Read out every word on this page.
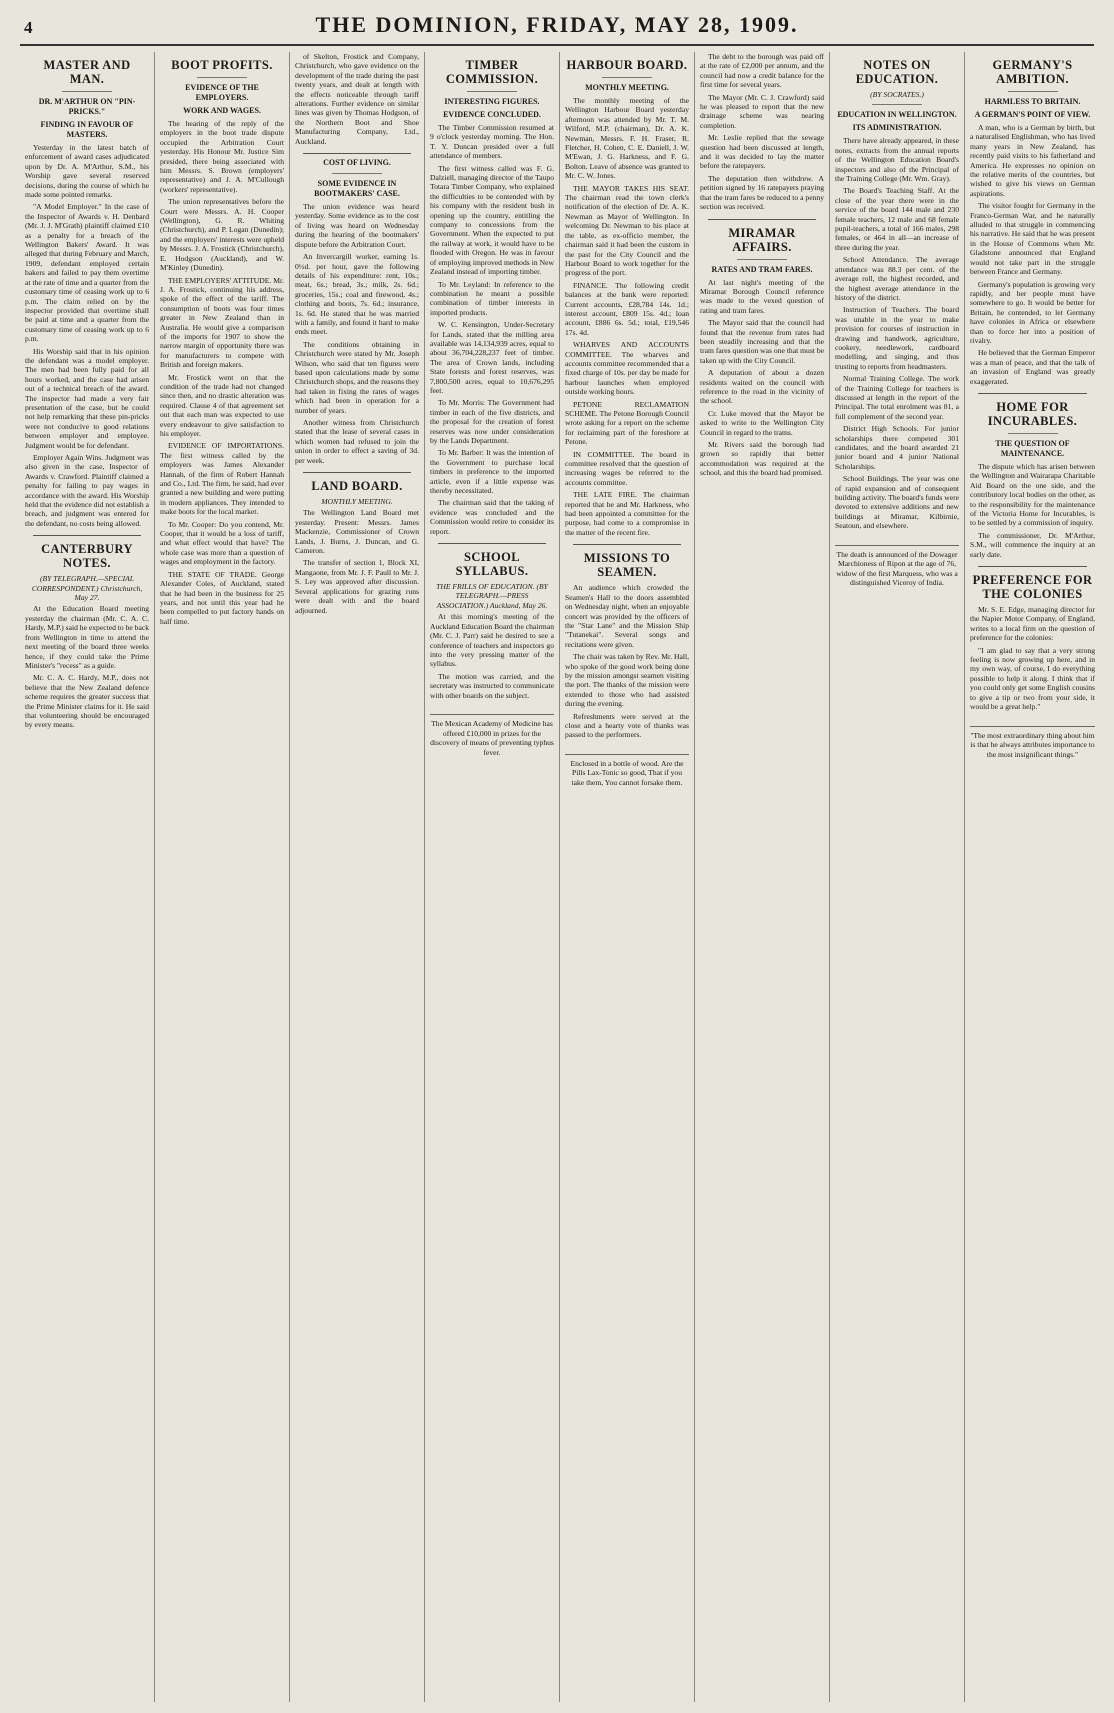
4	THE DOMINION, FRIDAY, MAY 28, 1909.
MASTER AND MAN.
DR. M'ARTHUR ON "PIN-PRICKS."
FINDING IN FAVOUR OF MASTERS.

Yesterday in the latest batch of enforcement of award cases adjudicated upon by Dr. A. M'Arthur, S.M., his Worship gave several reserved decisions, during the course of which he made some pointed remarks.

"A Model Employer." In the case of the Inspector of Awards v. H. Denbard (Mr. J. J. M'Grath) plaintiff claimed £10 as a penalty for a breach of the Wellington Bakers' Award. It was alleged that during February and March, 1909, defendant employed certain bakers and failed to pay them overtime at the rate of time and a quarter from the customary time of ceasing work up to 6 p.m. The claim relied on by the inspector provided that overtime shall be paid at time and a quarter from the customary time of ceasing work up to 6 p.m.

His Worship said that in his opinion the defendant was a model employer. The men had been fully paid for all hours worked, and the case had arisen out of a technical breach of the award. The inspector had made a very fair presentation of the case, but he could not help remarking that these pin-pricks were not conducive to good relations between employer and employee. Judgment would be for defendant.

Employer Again Wins. Judgment was also given in the case, Inspector of Awards v. Crawford. Plaintiff claimed a penalty for failing to pay wages in accordance with the award. His Worship held that the evidence did not establish a breach, and judgment was entered for the defendant, no costs being allowed.

CANTERBURY NOTES.
(BY TELEGRAPH.—SPECIAL CORRESPONDENT.) Christchurch, May 27.

At the Education Board meeting yesterday the chairman (Mr. C. A. C. Hardy, M.P.) said he expected to be back from Wellington in time to attend the next meeting of the board three weeks hence, if they could take the Prime Minister's "recess" as a guide.

Mr. C. A. C. Hardy, M.P., does not believe that the New Zealand defence scheme requires the greater success that the Prime Minister claims for it. He said that volunteering should be encouraged by every means.

BOOT PROFITS.
EVIDENCE OF THE EMPLOYERS.
WORK AND WAGES.

The hearing of the reply of the employers in the boot trade dispute occupied the Arbitration Court yesterday. His Honour Mr. Justice Sim presided, there being associated with him Messrs. S. Brown (employers' representative) and J. A. M'Cullough (workers' representative).

The union representatives before the Court were Messrs. A. H. Cooper (Wellington), G. R. Whiting (Christchurch), and P. Logan (Dunedin); and the employers' interests were upheld by Messrs. J. A. Frostick (Christchurch), E. Hodgson (Auckland), and W. M'Kinley (Dunedin).

THE EMPLOYERS' ATTITUDE. Mr. J. A. Frostick, continuing his address, spoke of the effect of the tariff. The consumption of boots was four times greater in New Zealand than in Australia. He would give a comparison of the imports for 1907 to show the narrow margin of opportunity there was for manufacturers to compete with British and foreign makers.

Mr. Frostick went on that the condition of the trade had not changed since then, and no drastic alteration was required. Clause 4 of that agreement set out that each man was expected to use every endeavour to give satisfaction to his employer.

EVIDENCE OF IMPORTATIONS. The first witness called by the employers was James Alexander Hannah, of the firm of Robert Hannah and Co., Ltd. The firm, he said, had ever granted a new building and were putting in modern appliances. They intended to make boots for the local market.

To Mr. Cooper: Do you contend, Mr. Cooper, that it would be a loss of tariff, and what effect would that have? The whole case was more than a question of wages and employment in the factory.

THE STATE OF TRADE. George Alexander Coles, of Auckland, stated that he had been in the business for 25 years, and not until this year had he been compelled to put factory hands on half time.

of Skelton, Frostick and Company, Christchurch, who gave evidence on the development of the trade during the past twenty years, and dealt at length with the effects noticeable through tariff alterations. Further evidence on similar lines was given by Thomas Hodgson, of the Northern Boot and Shoe Manufacturing Company, Ltd., Auckland.

COST OF LIVING.
SOME EVIDENCE IN BOOTMAKERS' CASE.

The union evidence was heard yesterday. Some evidence as to the cost of living was heard on Wednesday during the hearing of the bootmakers' dispute before the Arbitration Court.

An Invercargill worker, earning 1s. 0½d. per hour, gave the following details of his expenditure: rent, 10s.; meat, 6s.; bread, 3s.; milk, 2s. 6d.; groceries, 15s.; coal and firewood, 4s.; clothing and boots, 7s. 6d.; insurance, 1s. 6d. He stated that he was married with a family, and found it hard to make ends meet.

The conditions obtaining in Christchurch were stated by Mr. Joseph Wilson, who said that ten figures were based upon calculations made by some Christchurch shops, and the reasons they had taken in fixing the rates of wages which had been in operation for a number of years.

Another witness from Christchurch stated that the lease of several cases in which women had refused to join the union in order to effect a saving of 3d. per week.

LAND BOARD.
MONTHLY MEETING.

The Wellington Land Board met yesterday. Present: Messrs. James Mackenzie, Commissioner of Crown Lands, J. Burns, J. Duncan, and G. Cameron.

The transfer of section 1, Block XI, Mangaone, from Mr. J. F. Paull to Mr. J. S. Ley was approved after discussion. Several applications for grazing runs were dealt with and the board adjourned.

TIMBER COMMISSION.
INTERESTING FIGURES.
EVIDENCE CONCLUDED.

The Timber Commission resumed at 9 o'clock yesterday morning. The Hon. T. Y. Duncan presided over a full attendance of members.

The first witness called was F. G. Dalziell, managing director of the Taupo Totara Timber Company, who explained the difficulties to be contended with by his company with the resident bush in opening up the country, entitling the company to concessions from the Government. When the expected to put the railway at work, it would have to be flooded with Oregon. He was in favour of employing improved methods in New Zealand instead of importing timber.

To Mr. Leyland: In reference to the combination he meant a possible combination of timber interests in imported products.

W. C. Kensington, Under-Secretary for Lands, stated that the milling area available was 14,134,939 acres, equal to about 36,704,228,237 feet of timber. The area of Crown lands, including State forests and forest reserves, was 7,800,500 acres, equal to 10,676,295 feet.

To Mr. Morris: The Government had timber in each of the five districts, and the proposal for the creation of forest reserves was now under consideration by the Lands Department.

To Mr. Barber: It was the intention of the Government to purchase local timbers in preference to the imported article, even if a little expense was thereby necessitated.

The chairman said that the taking of evidence was concluded and the Commission would retire to consider its report.

SCHOOL SYLLABUS.
THE FRILLS OF EDUCATION. (BY TELEGRAPH.—PRESS ASSOCIATION.) Auckland, May 26.

At this morning's meeting of the Auckland Education Board the chairman (Mr. C. J. Parr) said he desired to see a conference of teachers and inspectors go into the very pressing matter of the syllabus.

The motion was carried, and the secretary was instructed to communicate with other boards on the subject.

The Mexican Academy of Medicine has offered £10,000 in prizes for the discovery of means of preventing typhus fever.
HARBOUR BOARD.
MONTHLY MEETING.

The monthly meeting of the Wellington Harbour Board yesterday afternoon was attended by Mr. T. M. Wilford, M.P. (chairman), Dr. A. K. Newman, Messrs. F. H. Fraser, R. Fletcher, H. Cohen, C. E. Daniell, J. W. M'Ewan, J. G. Harkness, and F. G. Bolton. Leave of absence was granted to Mr. C. W. Jones.

THE MAYOR TAKES HIS SEAT. The chairman read the town clerk's notification of the election of Dr. A. K. Newman as Mayor of Wellington. In welcoming Dr. Newman to his place at the table, as ex-officio member, the chairman said it had been the custom in the past for the City Council and the Harbour Board to work together for the progress of the port.

FINANCE. The following credit balances at the bank were reported: Current accounts, £28,784 14s. 1d.; interest account, £809 15s. 4d.; loan account, £886 6s. 5d.; total, £19,546 17s. 4d.

WHARVES AND ACCOUNTS COMMITTEE. The wharves and accounts committee recommended that a fixed charge of 10s. per day be made for harbour launches when employed outside working hours.

PETONE RECLAMATION SCHEME. The Petone Borough Council wrote asking for a report on the scheme for reclaiming part of the foreshore at Petone.

IN COMMITTEE. The board in committee resolved that the question of increasing wages be referred to the accounts committee.

THE LATE FIRE. The chairman reported that he and Mr. Harkness, who had been appointed a committee for the purpose, had come to a compromise in the matter of the recent fire.

MISSIONS TO SEAMEN.

An audience which crowded the Seamen's Hall to the doors assembled on Wednesday night, when an enjoyable concert was provided by the officers of the "Star Lane" and the Mission Ship "Tutanekai". Several songs and recitations were given.

The chair was taken by Rev. Mr. Hall, who spoke of the good work being done by the mission amongst seamen visiting the port. The thanks of the mission were extended to those who had assisted during the evening.

Refreshments were served at the close and a hearty vote of thanks was passed to the performers.

Enclosed in a bottle of wood. Are the Pills Lax-Tonic so good, That if you take them, You cannot forsake them.

The debt to the borough was paid off at the rate of £2,000 per annum, and the council had now a credit balance for the first time for several years.

The Mayor (Mr. C. J. Crawford) said he was pleased to report that the new drainage scheme was nearing completion.

Mr. Leslie replied that the sewage question had been discussed at length, and it was decided to lay the matter before the ratepayers.

The deputation then withdrew. A petition signed by 16 ratepayers praying that the tram fares be reduced to a penny section was received.

MIRAMAR AFFAIRS.
RATES AND TRAM FARES.

At last night's meeting of the Miramar Borough Council reference was made to the vexed question of rating and tram fares.

The Mayor said that the council had found that the revenue from rates had been steadily increasing and that the tram fares question was one that must be taken up with the City Council.

A deputation of about a dozen residents waited on the council with reference to the road in the vicinity of the school.

Cr. Luke moved that the Mayor be asked to write to the Wellington City Council in regard to the trams.

Mr. Rivers said the borough had grown so rapidly that better accommodation was required at the school, and this the board had promised.

NOTES ON EDUCATION.
(BY SOCRATES.)
EDUCATION IN WELLINGTON.
ITS ADMINISTRATION.

There have already appeared, in these notes, extracts from the annual reports of the Wellington Education Board's inspectors and also of the Principal of the Training College (Mr. Wm. Gray).

The Board's Teaching Staff. At the close of the year there were in the service of the board 144 male and 230 female teachers, 12 male and 68 female pupil-teachers, a total of 166 males, 298 females, or 464 in all—an increase of three during the year.

School Attendance. The average attendance was 88.3 per cent. of the average roll, the highest recorded, and the highest average attendance in the history of the district.

Instruction of Teachers. The board was unable in the year to make provision for courses of instruction in drawing and handwork, agriculture, cookery, needlework, cardboard modelling, and singing, and thus trusting to reports from headmasters.

Normal Training College. The work of the Training College for teachers is discussed at length in the report of the Principal. The total enrolment was 81, a full complement of the second year.

District High Schools. For junior scholarships there competed 301 candidates, and the board awarded 21 junior board and 4 junior National Scholarships.

School Buildings. The year was one of rapid expansion and of consequent building activity. The board's funds were devoted to extensive additions and new buildings at Miramar, Kilbirnie, Seatoun, and elsewhere.

The death is announced of the Dowager Marchioness of Ripon at the age of 76, widow of the first Marquess, who was a distinguished Viceroy of India.
GERMANY'S AMBITION.
HARMLESS TO BRITAIN.
A GERMAN'S POINT OF VIEW.

A man, who is a German by birth, but a naturalised Englishman, who has lived many years in New Zealand, has recently paid visits to his fatherland and America. He expresses no opinion on the relative merits of the countries, but wished to give his views on German aspirations.

The visitor fought for Germany in the Franco-German War, and he naturally alluded to that struggle in commencing his narrative. He said that he was present in the House of Commons when Mr. Gladstone announced that England would not take part in the struggle between France and Germany.

Germany's population is growing very rapidly, and her people must have somewhere to go. It would be better for Britain, he contended, to let Germany have colonies in Africa or elsewhere than to force her into a position of rivalry.

He believed that the German Emperor was a man of peace, and that the talk of an invasion of England was greatly exaggerated.

HOME FOR INCURABLES.
THE QUESTION OF MAINTENANCE.

The dispute which has arisen between the Wellington and Wairarapa Charitable Aid Board on the one side, and the contributory local bodies on the other, as to the responsibility for the maintenance of the Victoria Home for Incurables, is to be settled by a commission of inquiry.

The commissioner, Dr. M'Arthur, S.M., will commence the inquiry at an early date.

PREFERENCE FOR THE COLONIES

Mr. S. E. Edge, managing director for the Napier Motor Company, of England, writes to a local firm on the question of preference for the colonies:

"I am glad to say that a very strong feeling is now growing up here, and in my own way, of course, I do everything possible to help it along. I think that if you could only get some English cousins to give a tip or two from your side, it would be a great help."

"The most extraordinary thing about him is that he always attributes importance to the most insignificant things."
